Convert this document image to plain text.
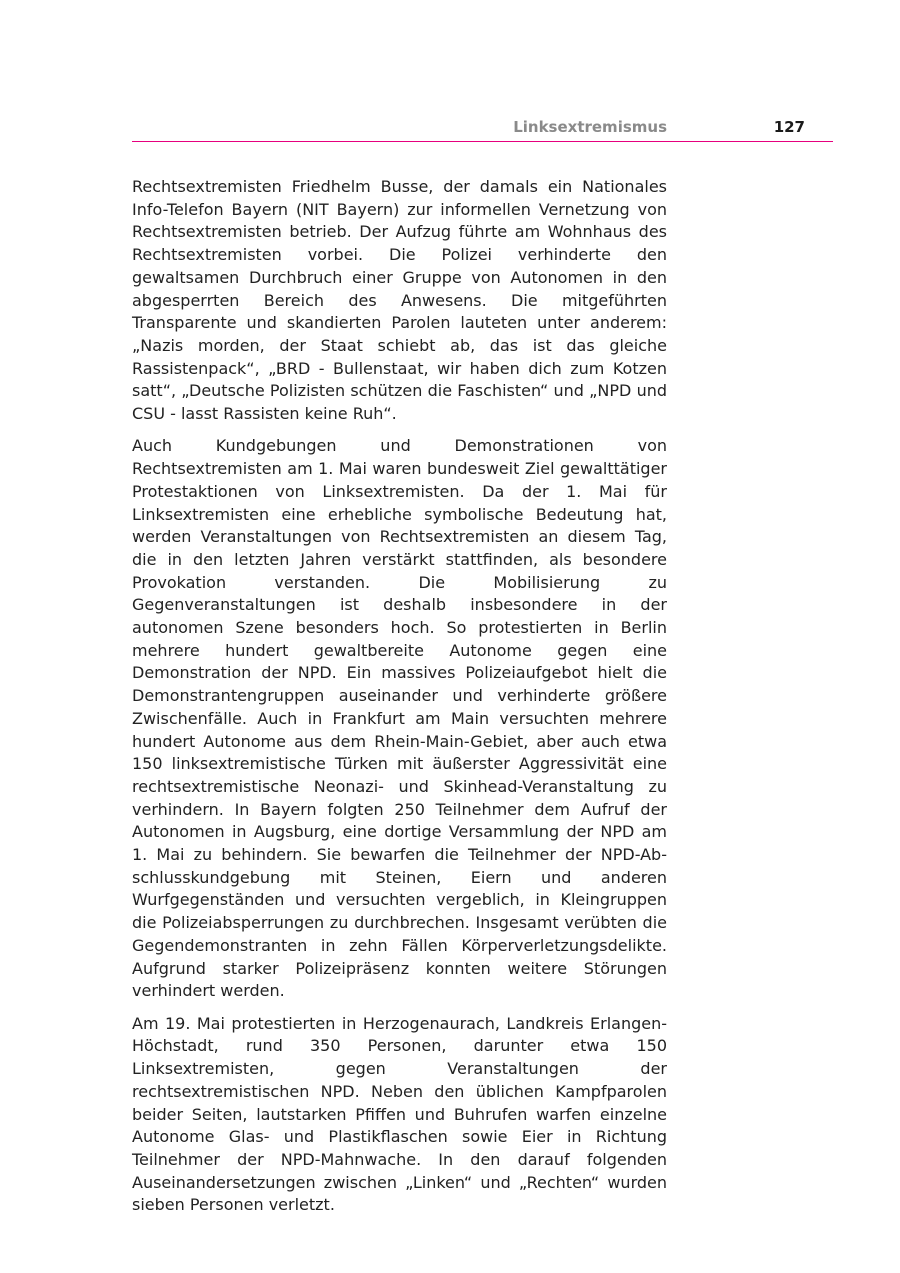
Linksextremismus	127

Rechtsextremisten Friedhelm Busse, der damals ein Nationales Info-Telefon Bayern (NIT Bayern) zur informellen Vernetzung von Rechtsextremisten betrieb. Der Aufzug führte am Wohnhaus des Rechtsextremisten vorbei. Die Polizei verhinderte den gewaltsamen Durchbruch einer Gruppe von Autonomen in den abgesperrten Bereich des Anwesens. Die mitgeführten Transparente und skandierten Parolen lauteten unter anderem: „Nazis morden, der Staat schiebt ab, das ist das gleiche Rassistenpack“, „BRD - Bullenstaat, wir haben dich zum Kotzen satt“, „Deutsche Polizisten schützen die Faschisten“ und „NPD und CSU - lasst Rassisten keine Ruh“.

Auch Kundgebungen und Demonstrationen von Rechtsextremisten am 1. Mai waren bundesweit Ziel gewalttätiger Protestaktionen von Linksextremisten. Da der 1. Mai für Linksextremisten eine erhebliche symbolische Bedeutung hat, werden Veranstaltungen von Rechtsextremisten an diesem Tag, die in den letzten Jahren verstärkt stattfinden, als besondere Provokation verstanden. Die Mobilisierung zu Gegenveranstaltungen ist deshalb insbesondere in der autonomen Szene besonders hoch. So protestierten in Berlin mehrere hundert gewaltbereite Autonome gegen eine Demonstration der NPD. Ein massives Polizeiaufgebot hielt die Demonstrantengruppen auseinander und verhinderte größere Zwischenfälle. Auch in Frankfurt am Main versuchten mehrere hundert Autonome aus dem Rhein-Main-Gebiet, aber auch etwa 150 linksextremistische Türken mit äußerster Aggressivität eine rechtsextremistische Neonazi- und Skinhead-Veranstaltung zu verhindern. In Bayern folgten 250 Teilnehmer dem Aufruf der Autonomen in Augsburg, eine dortige Versammlung der NPD am 1. Mai zu behindern. Sie bewarfen die Teilnehmer der NPD-Abschlusskundgebung mit Steinen, Eiern und anderen Wurfgegenständen und versuchten vergeblich, in Kleingruppen die Polizeiabsperrungen zu durchbrechen. Insgesamt verübten die Gegendemonstranten in zehn Fällen Körperverletzungsdelikte. Aufgrund starker Polizeipräsenz konnten weitere Störungen verhindert werden.

Am 19. Mai protestierten in Herzogenaurach, Landkreis Erlangen-Höchstadt, rund 350 Personen, darunter etwa 150 Linksextremisten, gegen Veranstaltungen der rechtsextremistischen NPD. Neben den üblichen Kampfparolen beider Seiten, lautstarken Pfiffen und Buhrufen warfen einzelne Autonome Glas- und Plastikflaschen sowie Eier in Richtung Teilnehmer der NPD-Mahnwache. In den darauf folgenden Auseinandersetzungen zwischen „Linken“ und „Rechten“ wurden sieben Personen verletzt.
